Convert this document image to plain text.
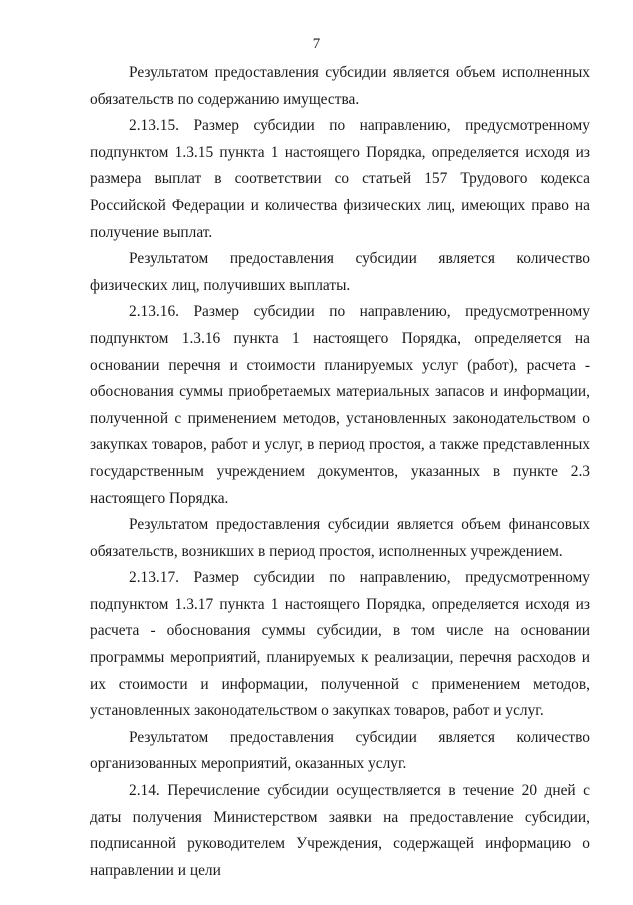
7

Результатом предоставления субсидии является объем исполненных обязательств по содержанию имущества.

2.13.15. Размер субсидии по направлению, предусмотренному подпунктом 1.3.15 пункта 1 настоящего Порядка, определяется исходя из размера выплат в соответствии со статьей 157 Трудового кодекса Российской Федерации и количества физических лиц, имеющих право на получение выплат.

Результатом предоставления субсидии является количество физических лиц, получивших выплаты.

2.13.16. Размер субсидии по направлению, предусмотренному подпунктом 1.3.16 пункта 1 настоящего Порядка, определяется на основании перечня и стоимости планируемых услуг (работ), расчета - обоснования суммы приобретаемых материальных запасов и информации, полученной с применением методов, установленных законодательством о закупках товаров, работ и услуг, в период простоя, а также представленных государственным учреждением документов, указанных в пункте 2.3 настоящего Порядка.

Результатом предоставления субсидии является объем финансовых обязательств, возникших в период простоя, исполненных учреждением.

2.13.17. Размер субсидии по направлению, предусмотренному подпунктом 1.3.17 пункта 1 настоящего Порядка, определяется исходя из расчета - обоснования суммы субсидии, в том числе на основании программы мероприятий, планируемых к реализации, перечня расходов и их стоимости и информации, полученной с применением методов, установленных законодательством о закупках товаров, работ и услуг.

Результатом предоставления субсидии является количество организованных мероприятий, оказанных услуг.

2.14. Перечисление субсидии осуществляется в течение 20 дней с даты получения Министерством заявки на предоставление субсидии, подписанной руководителем Учреждения, содержащей информацию о направлении и цели
